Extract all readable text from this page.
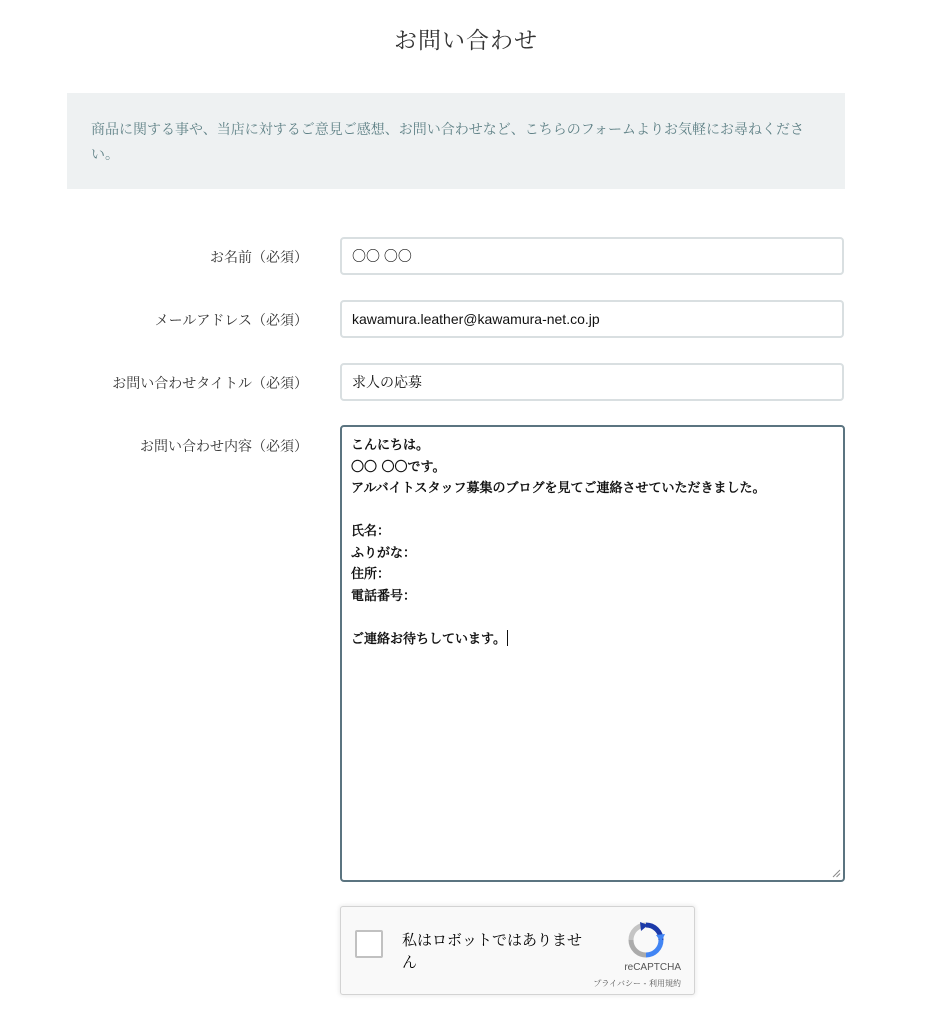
お問い合わせ
商品に関する事や、当店に対するご意見ご感想、お問い合わせなど、こちらのフォームよりお気軽にお尋ねください。
お名前（必須）	〇〇 〇〇
メールアドレス（必須）	kawamura.leather@kawamura-net.co.jp
お問い合わせタイトル（必須）	求人の応募
お問い合わせ内容（必須）	こんにちは。
〇〇 〇〇です。
アルバイトスタッフ募集のブログを見てご連絡させていただきました。
氏名：
ふりがな：
住所：
電話番号：
ご連絡お待ちしています。
私はロボットではありません	reCAPTCHA
プライバシー - 利用規約
